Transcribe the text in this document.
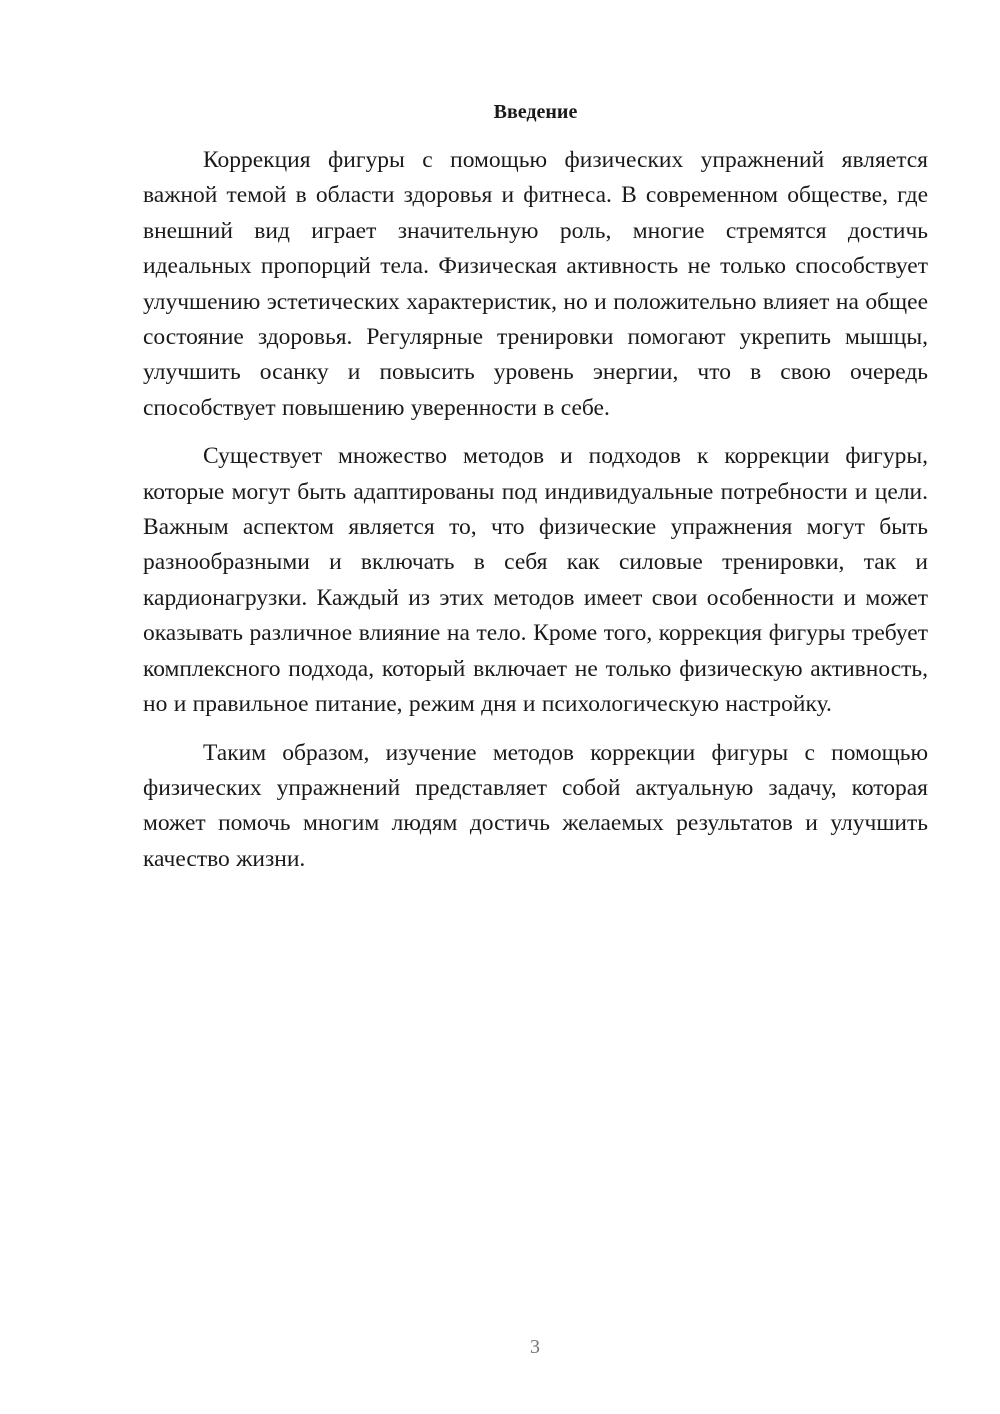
Введение

Коррекция фигуры с помощью физических упражнений является важной темой в области здоровья и фитнеса. В современном обществе, где внешний вид играет значительную роль, многие стремятся достичь идеальных пропорций тела. Физическая активность не только способствует улучшению эстетических характеристик, но и положительно влияет на общее состояние здоровья. Регулярные тренировки помогают укрепить мышцы, улучшить осанку и повысить уровень энергии, что в свою очередь способствует повышению уверенности в себе.

Существует множество методов и подходов к коррекции фигуры, которые могут быть адаптированы под индивидуальные потребности и цели. Важным аспектом является то, что физические упражнения могут быть разнообразными и включать в себя как силовые тренировки, так и кардионагрузки. Каждый из этих методов имеет свои особенности и может оказывать различное влияние на тело. Кроме того, коррекция фигуры требует комплексного подхода, который включает не только физическую активность, но и правильное питание, режим дня и психологическую настройку.

Таким образом, изучение методов коррекции фигуры с помощью физических упражнений представляет собой актуальную задачу, которая может помочь многим людям достичь желаемых результатов и улучшить качество жизни.

3
